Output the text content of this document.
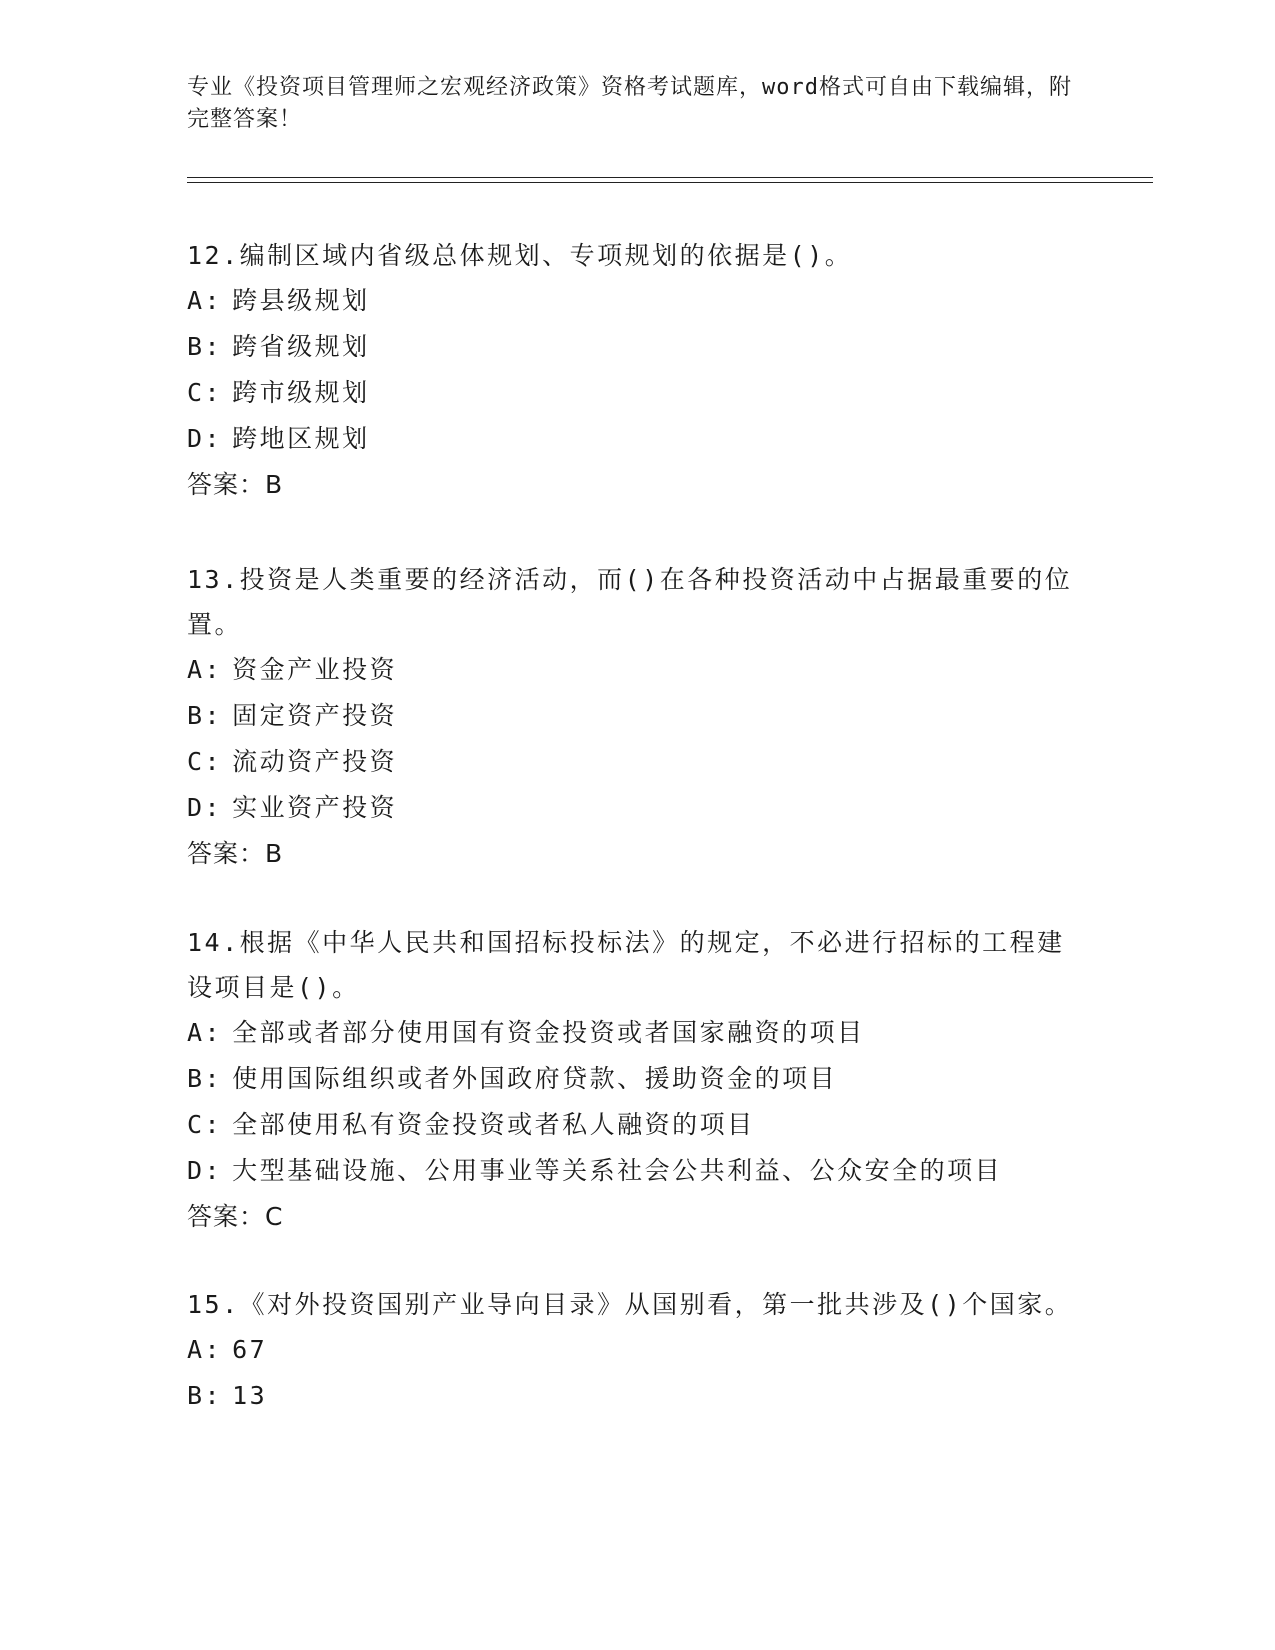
专业《投资项目管理师之宏观经济政策》资格考试题库，word格式可自由下载编辑，附完整答案！

12.编制区域内省级总体规划、专项规划的依据是()。

A: 跨县级规划

B: 跨省级规划

C: 跨市级规划

D: 跨地区规划

答案：B

13.投资是人类重要的经济活动，而()在各种投资活动中占据最重要的位置。

A: 资金产业投资

B: 固定资产投资

C: 流动资产投资

D: 实业资产投资

答案：B

14.根据《中华人民共和国招标投标法》的规定，不必进行招标的工程建设项目是()。

A: 全部或者部分使用国有资金投资或者国家融资的项目

B: 使用国际组织或者外国政府贷款、援助资金的项目

C: 全部使用私有资金投资或者私人融资的项目

D: 大型基础设施、公用事业等关系社会公共利益、公众安全的项目

答案：C

15.《对外投资国别产业导向目录》从国别看，第一批共涉及()个国家。

A: 67

B: 13
